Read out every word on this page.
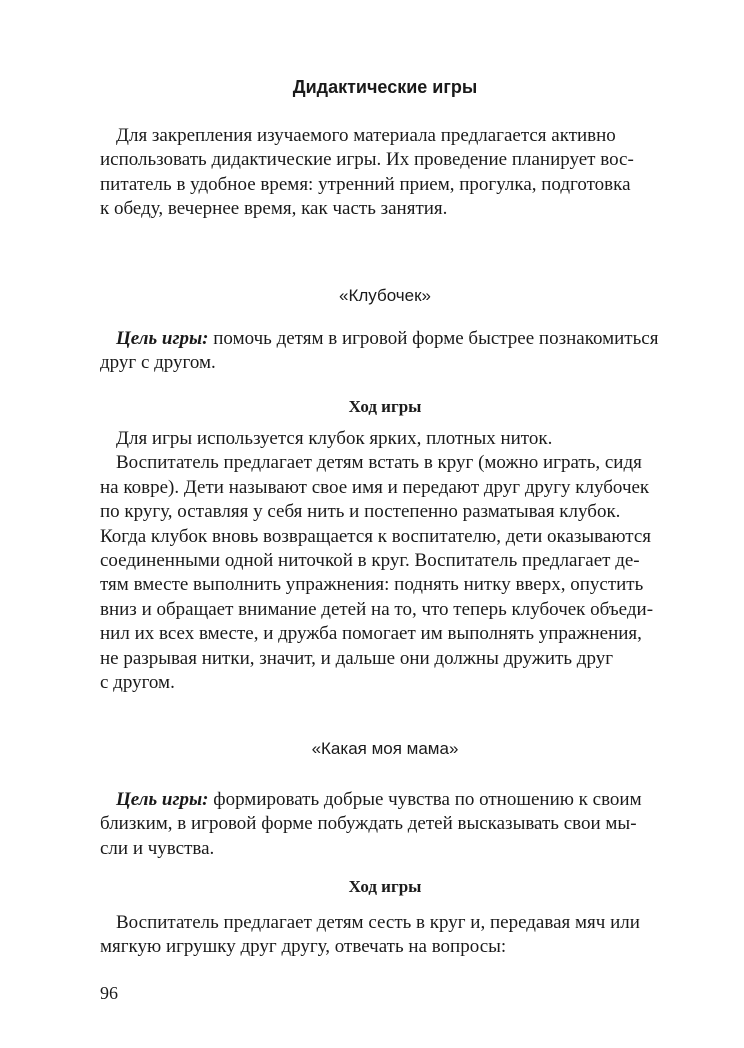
Дидактические игры

Для закрепления изучаемого материала предлагается активно

использовать дидактические игры. Их проведение планирует вос-

питатель в удобное время: утренний прием, прогулка, подготовка

к обеду, вечернее время, как часть занятия.

«Клубочек»

Цель игры: помочь детям в игровой форме быстрее познакомиться

друг с другом.

Ход игры

Для игры используется клубок ярких, плотных ниток.

Воспитатель предлагает детям встать в круг (можно играть, сидя

на ковре). Дети называют свое имя и передают друг другу клубочек

по кругу, оставляя у себя нить и постепенно разматывая клубок.

Когда клубок вновь возвращается к воспитателю, дети оказываются

соединенными одной ниточкой в круг. Воспитатель предлагает де-

тям вместе выполнить упражнения: поднять нитку вверх, опустить

вниз и обращает внимание детей на то, что теперь клубочек объеди-

нил их всех вместе, и дружба помогает им выполнять упражнения,

не разрывая нитки, значит, и дальше они должны дружить друг

с другом.

«Какая моя мама»

Цель игры: формировать добрые чувства по отношению к своим

близким, в игровой форме побуждать детей высказывать свои мы-

сли и чувства.

Ход игры

Воспитатель предлагает детям сесть в круг и, передавая мяч или

мягкую игрушку друг другу, отвечать на вопросы:

96
